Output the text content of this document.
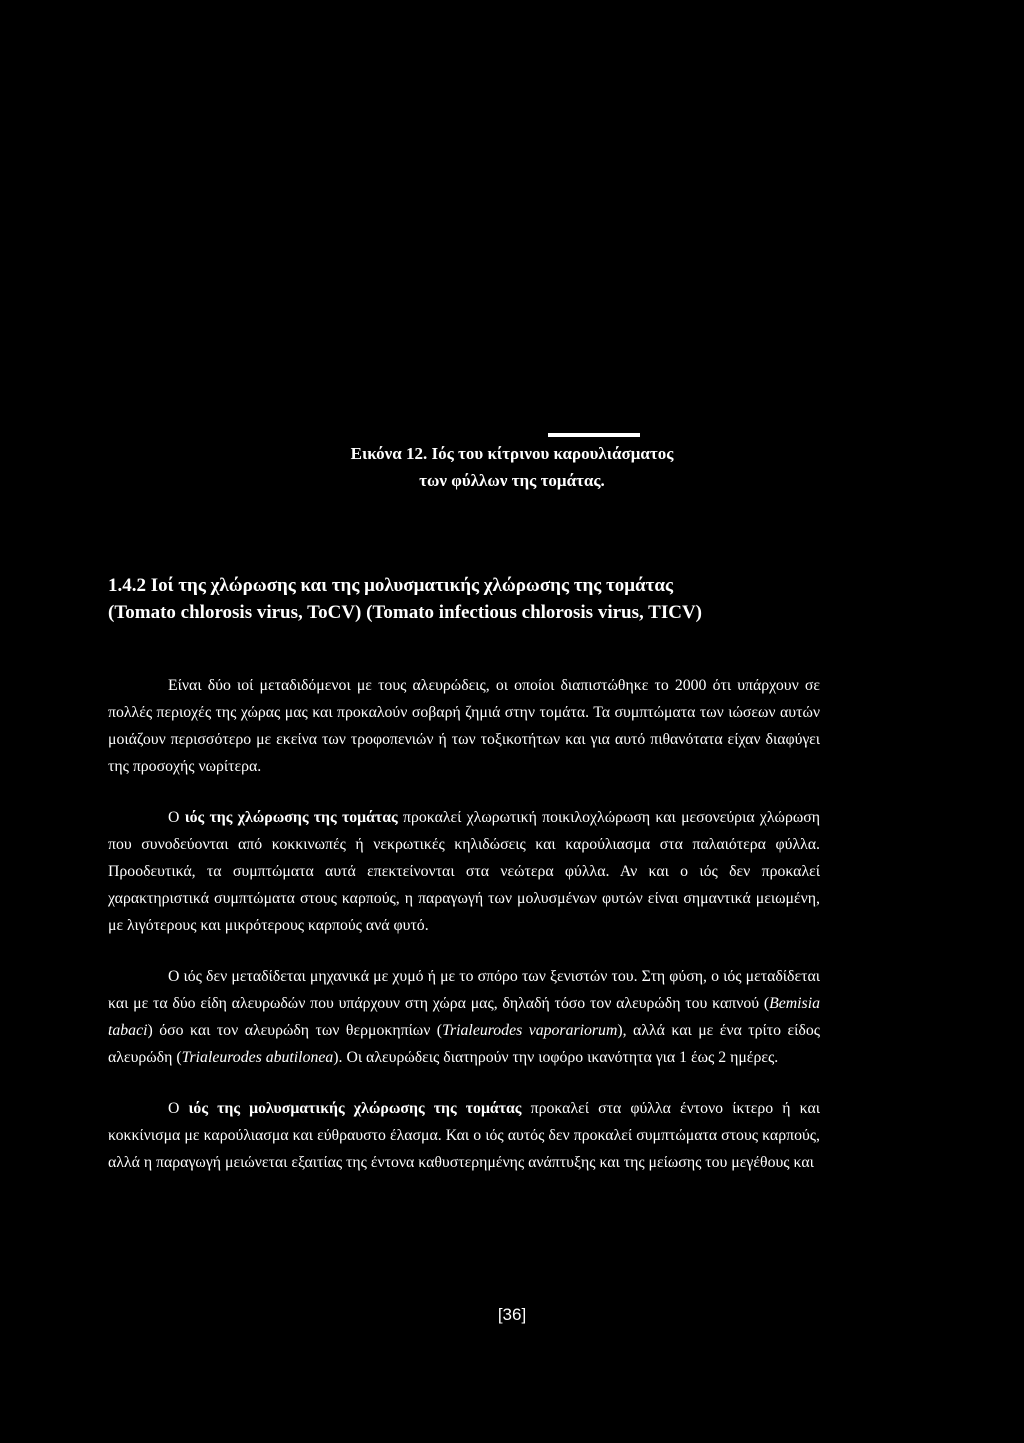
Εικόνα 12. Ιός του κίτρινου καρουλιάσματος
των φύλλων της τομάτας.
1.4.2 Ιοί της χλώρωσης και της μολυσματικής χλώρωσης της τομάτας
(Tomato chlorosis virus, ToCV) (Tomato infectious chlorosis virus, TICV)

Είναι δύο ιοί μεταδιδόμενοι με τους αλευρώδεις, οι οποίοι διαπιστώθηκε το 2000 ότι υπάρχουν σε πολλές περιοχές της χώρας μας και προκαλούν σοβαρή ζημιά στην τομάτα. Τα συμπτώματα των ιώσεων αυτών μοιάζουν περισσότερο με εκείνα των τροφοπενιών ή των τοξικοτήτων και για αυτό πιθανότατα είχαν διαφύγει της προσοχής νωρίτερα.

Ο ιός της χλώρωσης της τομάτας προκαλεί χλωρωτική ποικιλοχλώρωση και μεσονεύρια χλώρωση που συνοδεύονται από κοκκινωπές ή νεκρωτικές κηλιδώσεις και καρούλιασμα στα παλαιότερα φύλλα. Προοδευτικά, τα συμπτώματα αυτά επεκτείνονται στα νεώτερα φύλλα. Αν και ο ιός δεν προκαλεί χαρακτηριστικά συμπτώματα στους καρπούς, η παραγωγή των μολυσμένων φυτών είναι σημαντικά μειωμένη, με λιγότερους και μικρότερους καρπούς ανά φυτό.

Ο ιός δεν μεταδίδεται μηχανικά με χυμό ή με το σπόρο των ξενιστών του. Στη φύση, ο ιός μεταδίδεται και με τα δύο είδη αλευρωδών που υπάρχουν στη χώρα μας, δηλαδή τόσο τον αλευρώδη του καπνού (Bemisia tabaci) όσο και τον αλευρώδη των θερμοκηπίων (Trialeurodes vaporariorum), αλλά και με ένα τρίτο είδος αλευρώδη (Trialeurodes abutilonea). Οι αλευρώδεις διατηρούν την ιοφόρο ικανότητα για 1 έως 2 ημέρες.

Ο ιός της μολυσματικής χλώρωσης της τομάτας προκαλεί στα φύλλα έντονο ίκτερο ή και κοκκίνισμα με καρούλιασμα και εύθραυστο έλασμα. Και ο ιός αυτός δεν προκαλεί συμπτώματα στους καρπούς, αλλά η παραγωγή μειώνεται εξαιτίας της έντονα καθυστερημένης ανάπτυξης και της μείωσης του μεγέθους και

[36]
